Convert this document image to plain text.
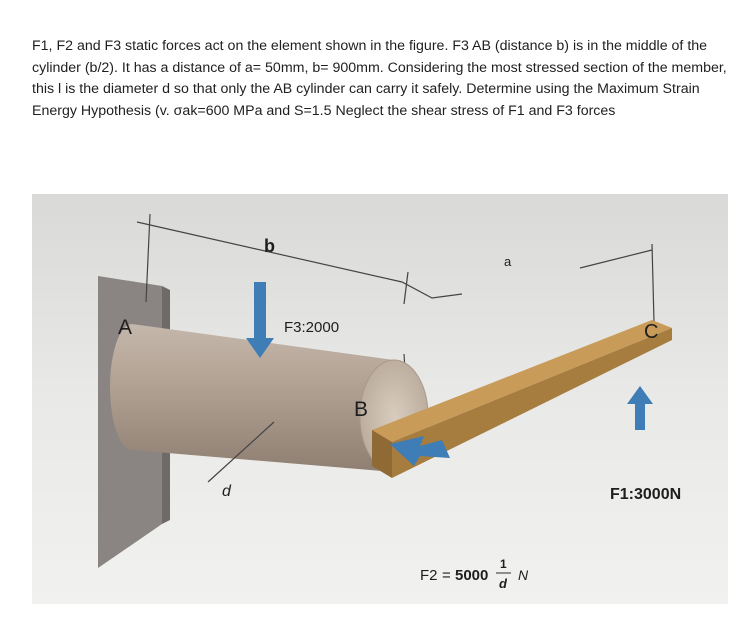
F1, F2 and F3 static forces act on the element shown in the figure. F3 AB (distance b) is in the middle of the cylinder (b/2). It has a distance of a= 50mm, b= 900mm. Considering the most stressed section of the member, this l is the diameter d so that only the AB cylinder can carry it safely. Determine using the Maximum Strain Energy Hypothesis (v. σak=600 MPa and S=1.5 Neglect the shear stress of F1 and F3 forces

A
B
C
b
a
d
F3:2000
F1:3000N
F2 = 5000
1
d
N
